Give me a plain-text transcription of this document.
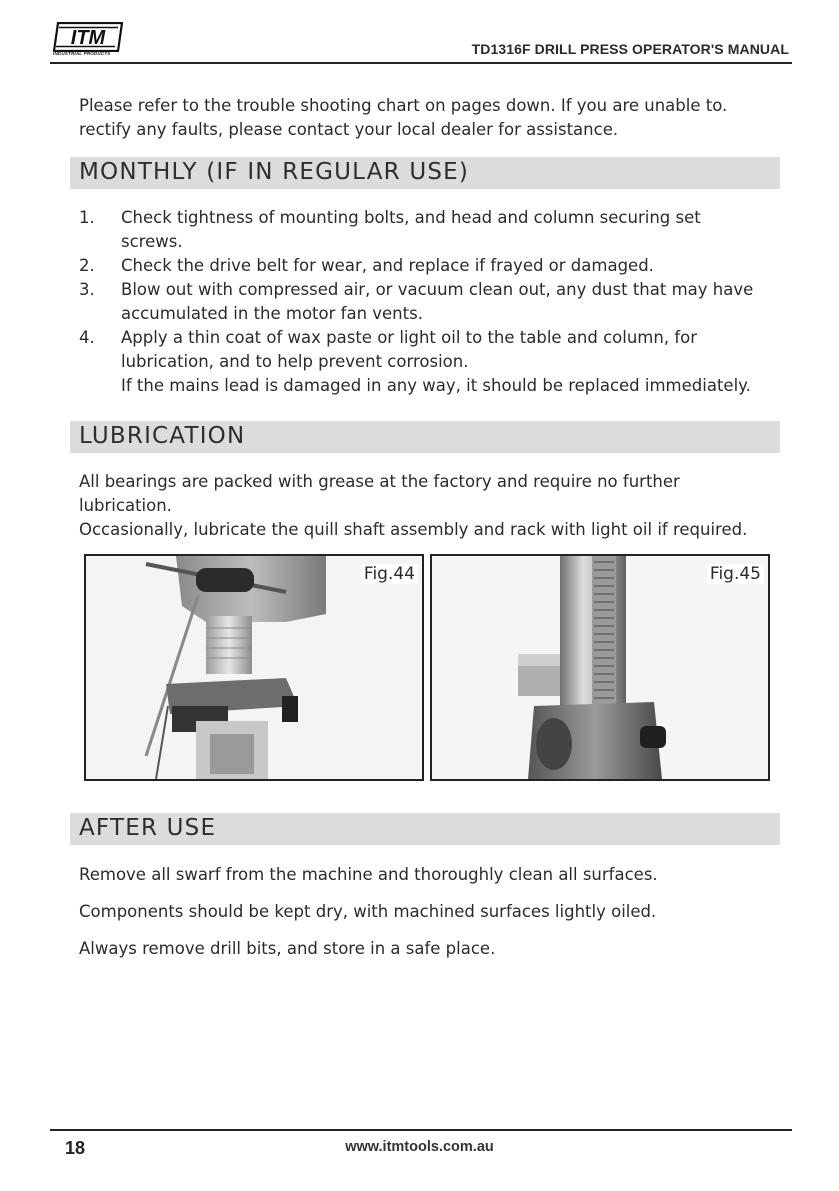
ITM
INDUSTRIAL PRODUCTS	TD1316F DRILL PRESS OPERATOR'S MANUAL
Please refer to the trouble shooting chart on pages down. If you are unable to.
rectify any faults, please contact your local dealer for assistance.
MONTHLY (IF IN REGULAR USE)
1. Check tightness of mounting bolts, and head and column securing set
screws.
2. Check the drive belt for wear, and replace if frayed or damaged.
3. Blow out with compressed air, or vacuum clean out, any dust that may have
accumulated in the motor fan vents.
4. Apply a thin coat of wax paste or light oil to the table and column, for
lubrication, and to help prevent corrosion.
If the mains lead is damaged in any way, it should be replaced immediately.
LUBRICATION
All bearings are packed with grease at the factory and require no further
lubrication.
Occasionally, lubricate the quill shaft assembly and rack with light oil if required.
Fig.44	Fig.45
AFTER USE
Remove all swarf from the machine and thoroughly clean all surfaces.
Components should be kept dry, with machined surfaces lightly oiled.
Always remove drill bits, and store in a safe place.
18	www.itmtools.com.au
